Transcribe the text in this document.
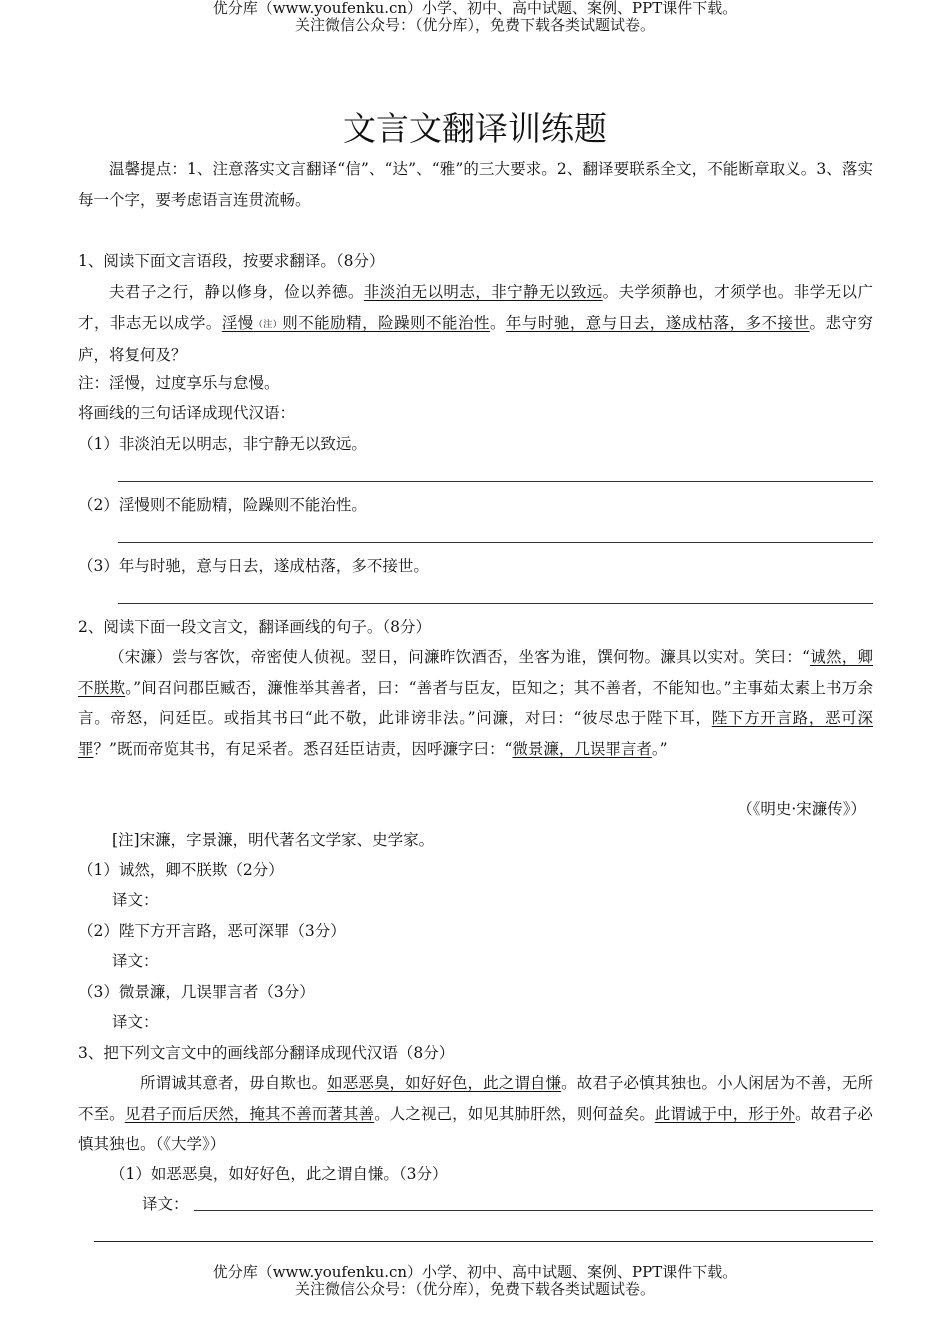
优分库（www.youfenku.cn）小学、初中、高中试题、案例、PPT课件下载。
关注微信公众号：（优分库），免费下载各类试题试卷。
文言文翻译训练题
温馨提点：1、注意落实文言翻译“信”、“达”、“雅”的三大要求。2、翻译要联系全文，不能断章取义。3、落实每一个字，要考虑语言连贯流畅。
1、阅读下面文言语段，按要求翻译。（8分）
夫君子之行，静以修身，俭以养德。非淡泊无以明志，非宁静无以致远。夫学须静也，才须学也。非学无以广才，非志无以成学。淫慢（注）则不能励精，险躁则不能治性。年与时驰，意与日去，遂成枯落，多不接世。悲守穷庐，将复何及？
注：淫慢，过度享乐与怠慢。
将画线的三句话译成现代汉语：
（1）非淡泊无以明志，非宁静无以致远。
（2）淫慢则不能励精，险躁则不能治性。
（3）年与时驰，意与日去，遂成枯落，多不接世。
2、阅读下面一段文言文，翻译画线的句子。（8分）
（宋濂）尝与客饮，帝密使人侦视。翌日，问濂昨饮酒否，坐客为谁，馔何物。濂具以实对。笑曰：“诚然，卿不朕欺。”间召问郡臣臧否，濂惟举其善者，曰：“善者与臣友，臣知之；其不善者，不能知也。”主事茹太素上书万余言。帝怒，问廷臣。或指其书曰“此不敬，此诽谤非法。”问濂，对曰：“彼尽忠于陛下耳，陛下方开言路，恶可深罪？”既而帝览其书，有足采者。悉召廷臣诘责，因呼濂字曰：“微景濂，几误罪言者。”
（《明史·宋濂传》）
[注]宋濂，字景濂，明代著名文学家、史学家。
（1）诚然，卿不朕欺（2分）
译文：
（2）陛下方开言路，恶可深罪（3分）
译文：
（3）微景濂，几误罪言者（3分）
译文：
3、把下列文言文中的画线部分翻译成现代汉语（8分）
所谓诚其意者，毋自欺也。如恶恶臭，如好好色，此之谓自慊。故君子必慎其独也。小人闲居为不善，无所不至。见君子而后厌然，掩其不善而著其善。人之视己，如见其肺肝然，则何益矣。此谓诚于中，形于外。故君子必慎其独也。（《大学》）
（1）如恶恶臭，如好好色，此之谓自慊。（3分）
译文：
优分库（www.youfenku.cn）小学、初中、高中试题、案例、PPT课件下载。
关注微信公众号：（优分库），免费下载各类试题试卷。
